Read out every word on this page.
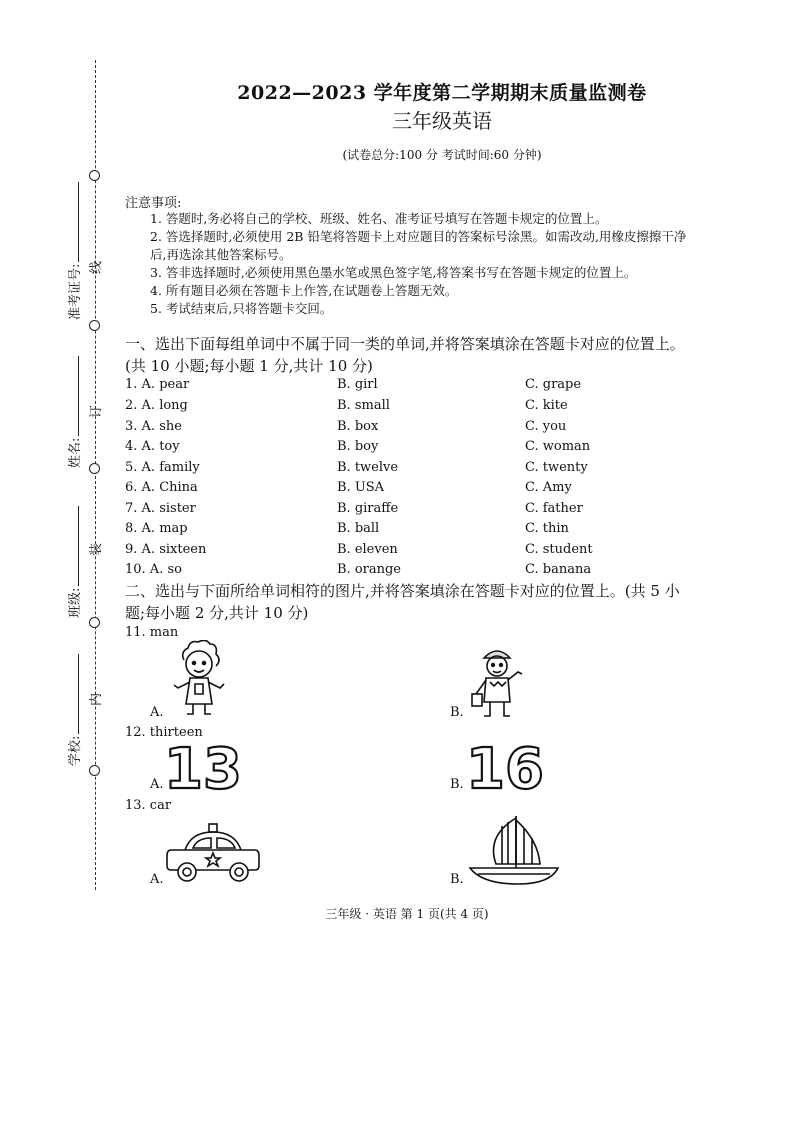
线
订
装
内
准考证号:
姓名:
班级:
学校:
2022—2023 学年度第二学期期末质量监测卷
三年级英语
(试卷总分:100 分 考试时间:60 分钟)
注意事项:
1. 答题时,务必将自己的学校、班级、姓名、准考证号填写在答题卡规定的位置上。
2. 答选择题时,必须使用 2B 铅笔将答题卡上对应题目的答案标号涂黑。如需改动,用橡皮擦擦干净后,再选涂其他答案标号。
3. 答非选择题时,必须使用黑色墨水笔或黑色签字笔,将答案书写在答题卡规定的位置上。
4. 所有题目必须在答题卡上作答,在试题卷上答题无效。
5. 考试结束后,只将答题卡交回。
一、选出下面每组单词中不属于同一类的单词,并将答案填涂在答题卡对应的位置上。(共 10 小题;每小题 1 分,共计 10 分)
1. A. pear	B. girl	C. grape
2. A. long	B. small	C. kite
3. A. she	B. box	C. you
4. A. toy	B. boy	C. woman
5. A. family	B. twelve	C. twenty
6. A. China	B. USA	C. Amy
7. A. sister	B. giraffe	C. father
8. A. map	B. ball	C. thin
9. A. sixteen	B. eleven	C. student
10. A. so	B. orange	C. banana
二、选出与下面所给单词相符的图片,并将答案填涂在答题卡对应的位置上。(共 5 小题;每小题 2 分,共计 10 分)
11. man
A.	B.
12. thirteen
A. 13	B. 16
13. car
A.	B.
三年级 · 英语 第 1 页(共 4 页)
